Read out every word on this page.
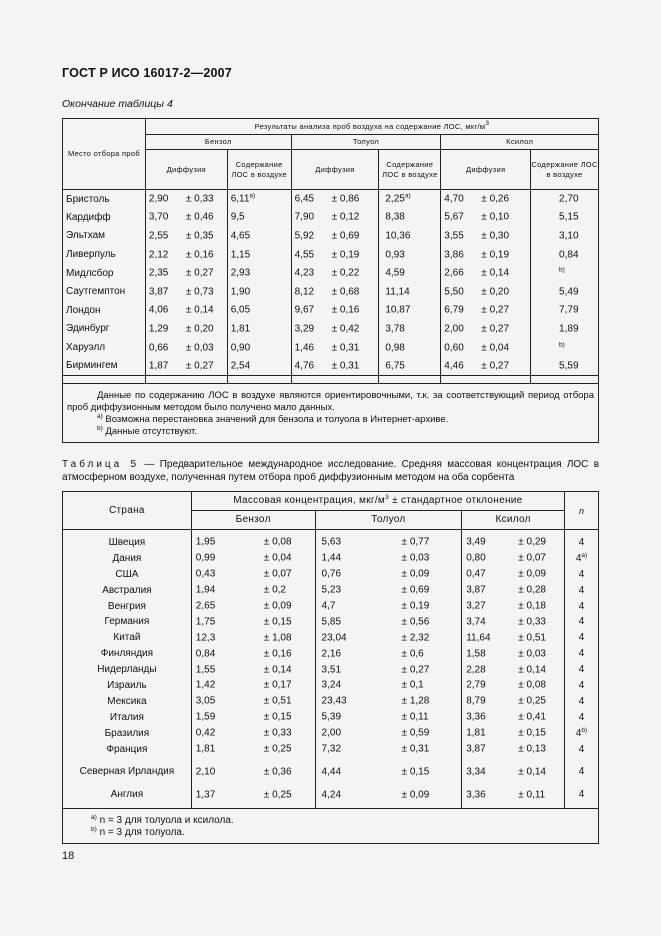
ГОСТ Р ИСО 16017-2—2007
Окончание таблицы 4
Место отбора проб	Результаты анализа проб воздуха на содержание ЛОС, мкг/$м^3$
	Бензол		Толуол		Ксилол	
	Диффузия	Содержание ЛОС в воздухе	Диффузия	Содержание ЛОС в воздухе	Диффузия	Содержание ЛОС в воздухе
Бристоль	2,90 ± 0,33	6,11$^{a)}$	6,45 ± 0,86	2,25$^{a)}$	4,70 ± 0,26	2,70

Кардифф	3,70 ± 0,46	9,5	7,90 ± 0,12	8,38	5,67 ± 0,10	5,15

Эльтхам	2,55 ± 0,35	4,65	5,92 ± 0,69	10,36	3,55 ± 0,30	3,10

Ливерпуль	2,12 ± 0,16	1,15	4,55 ± 0,19	0,93	3,86 ± 0,19	0,84

Мидлсбор	2,35 ± 0,27	2,93	4,23 ± 0,22	4,59	2,66 ± 0,14	$^{b)}$

Саутгемптон	3,87 ± 0,73	1,90	8,12 ± 0,68	11,14	5,50 ± 0,20	5,49

Лондон	4,06 ± 0,14	6,05	9,67 ± 0,16	10,87	6,79 ± 0,27	7,79

Эдинбург	1,29 ± 0,20	1,81	3,29 ± 0,42	3,78	2,00 ± 0,27	1,89

Харуэлл	0,66 ± 0,03	0,90	1,46 ± 0,31	0,98	0,60 ± 0,04	$^{b)}$

Бирмингем	1,87 ± 0,27	2,54	4,76 ± 0,31	6,75	4,46 ± 0,27	5,59

Данные по содержанию ЛОС в воздухе являются ориентировочными, т.к. за соответствующий период отбора проб диффузионным методом было получено мало данных.
$^{a)}$ Возможна перестановка значений для бензола и толуола в Интернет-архиве.
$^{b)}$ Данные отсутствуют.						
Таблица 5 — Предварительное международное исследование. Средняя массовая концентрация ЛОС в атмосферном воздухе, полученная путем отбора проб диффузионным методом на оба сорбента
Страна	Массовая концентрация, мкг/$м^3$ ± стандартное отклонение			n
	Бензол	Толуол	Ксилол	

Швеция	1,95 ± 0,08	5,63 ± 0,77	3,49 ± 0,29	4
Дания	0,99 ± 0,04	1,44 ± 0,03	0,80 ± 0,07	4$^{a)}$
США	0,43 ± 0,07	0,76 ± 0,09	0,47 ± 0,09	4
Австралия	1,94 ± 0,2	5,23 ± 0,69	3,87 ± 0,28	4
Венгрия	2,65 ± 0,09	4,7 ± 0,19	3,27 ± 0,18	4
Германия	1,75 ± 0,15	5,85 ± 0,56	3,74 ± 0,33	4
Китай	12,3 ± 1,08	23,04 ± 2,32	11,64 ± 0,51	4
Финляндия	0,84 ± 0,16	2,16 ± 0,6	1,58 ± 0,03	4
Нидерланды	1,55 ± 0,14	3,51 ± 0,27	2,28 ± 0,14	4
Израиль	1,42 ± 0,17	3,24 ± 0,1	2,79 ± 0,08	4
Мексика	3,05 ± 0,51	23,43 ± 1,28	8,79 ± 0,25	4
Италия	1,59 ± 0,15	5,39 ± 0,11	3,36 ± 0,41	4
Бразилия	0,42 ± 0,33	2,00 ± 0,59	1,81 ± 0,15	4$^{b)}$
Франция	1,81 ± 0,25	7,32 ± 0,31	3,87 ± 0,13	4
Северная Ирландия	2,10 ± 0,36	4,44 ± 0,15	3,34 ± 0,14	4
Англия	1,37 ± 0,25	4,24 ± 0,09	3,36 ± 0,11	4

$^{a)}$ n = 3 для толуола и ксилола.
$^{b)}$ n = 3 для толуола.				
18
